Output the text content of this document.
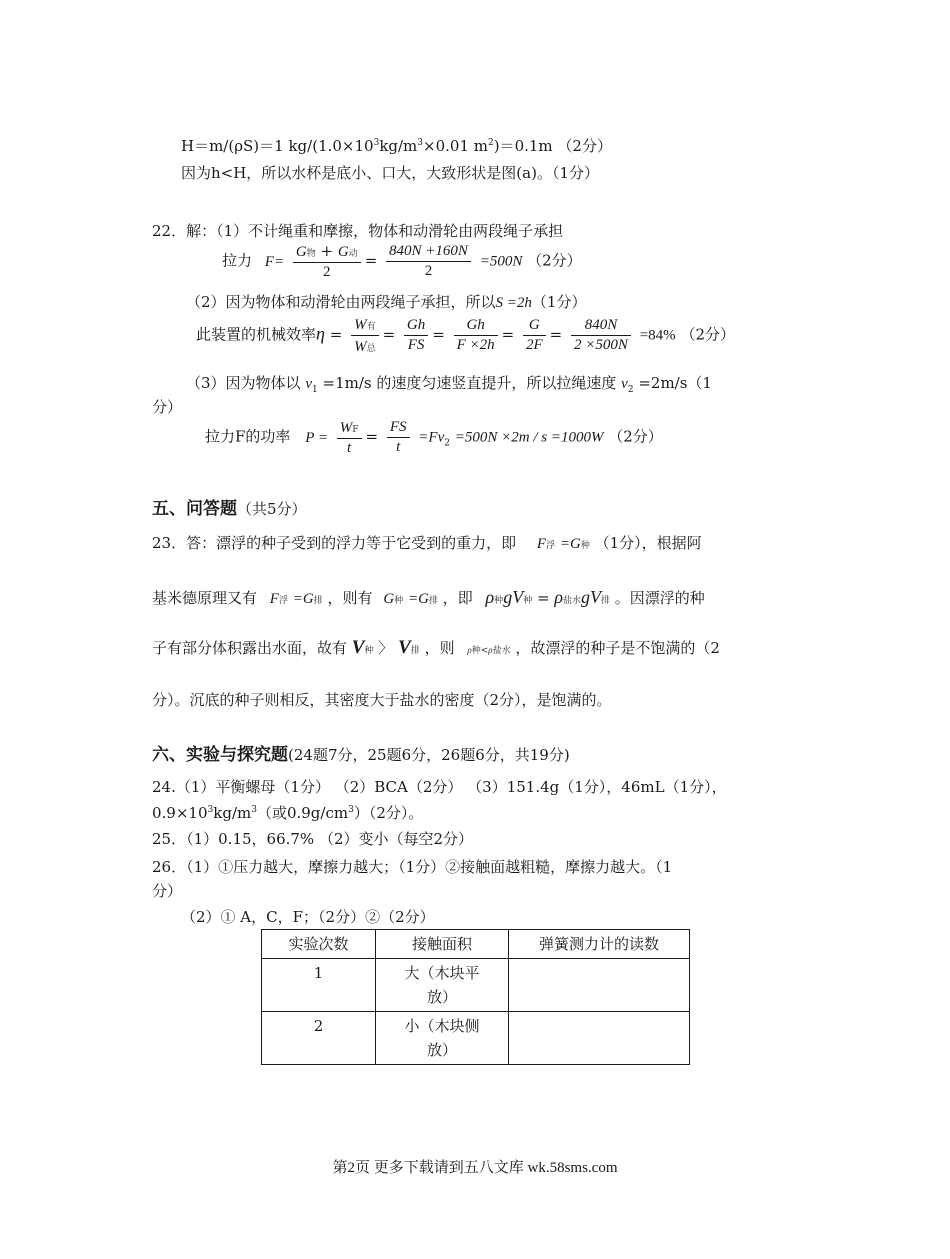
H＝m/(ρS)＝1 $kg/(1.0\times 10^3kg/m^3\times 0.01$ $m^2)=0.1m$ （2分）
因为h<H，所以水杯是底小、口大，大致形状是图(a)。（1分）
22．解：（1）不计绳重和摩擦，物体和动滑轮由两段绳子承担
拉力 $F= \frac{\text{G物 + G动}}{2} = \frac{840N +160N}{2} =500N$ （2分）
（2）因为物体和动滑轮由两段绳子承担，所以S =2h（1分）
此装置的机械效率$\eta = \frac{\text{W有}}{\text{W总}} = \frac{Gh}{FS} = \frac{Gh}{F \times 2h} = \frac{G}{2F} = \frac{840N}{2 \times 500N} =84\%$ （2分）
（3）因为物体以 $v_1 =1m/s$ 的速度匀速竖直提升，所以拉绳速度 $v_2 =2m/s(1$
分）
拉力F的功率 $P = \frac{WF}{t} = \frac{FS}{t} =Fv_2 =500N \times 2m / s =1000W$ （2分）
五、问答题（共5分）
23．答：漂浮的种子受到的浮力等于它受到的重力，即 F浮 =G种 （1分），根据阿
基米德原理又有 F浮 =G排 ，则有 G种 =G排 ，即 ρ种gV种 = ρ盐水gV排 。因漂浮的种
子有部分体积露出水面，故有 V种 〉 V排 ，则 ρ种<ρ盐水 ，故漂浮的种子是不饱满的（2
分）。沉底的种子则相反，其密度大于盐水的密度（2分），是饱满的。
六、实验与探究题(24题7分，25题6分，26题6分，共19分)
24.（1）平衡螺母（1分） （2）BCA（2分） （3）151.4g（1分），46mL（1分），
$0.9\times 10^3kg/m^3$（或$0.9g/cm^3)(2$分）。
25．（1）0.15，66.7% （2）变小（每空2分）
26．（1）①压力越大，摩擦力越大；（1分）②接触面越粗糙，摩擦力越大。（1
分）
（2）① A，C，F；（2分）②（2分）
实验次数	接触面积	弹簧测力计的读数
1	大（木块平放）	
2	小（木块侧放）	
第2页 更多下载请到五八文库 wk.58sms.com
